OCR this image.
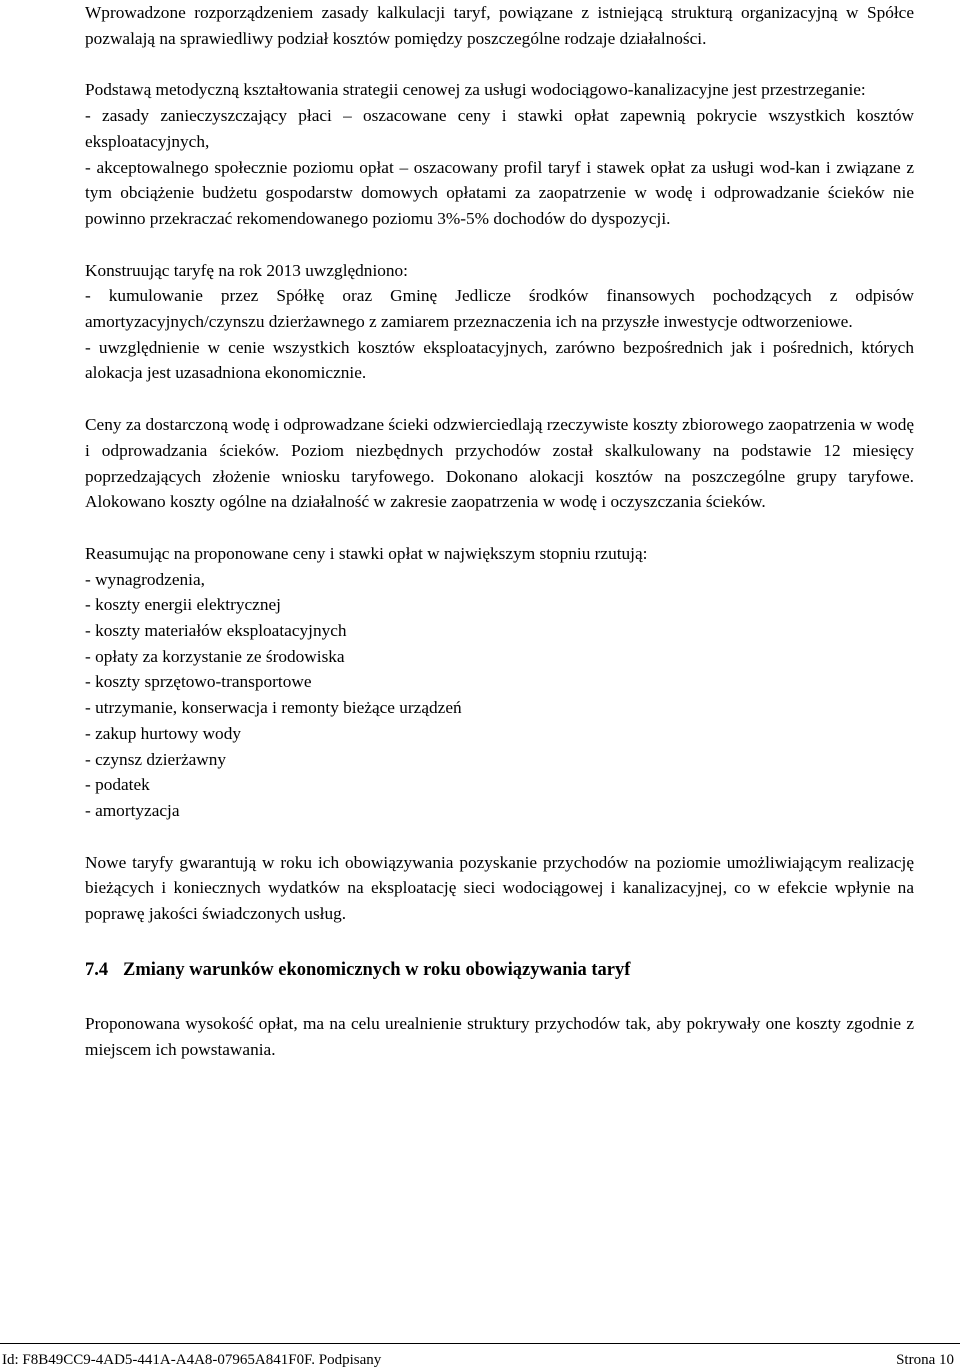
Wprowadzone rozporządzeniem zasady kalkulacji taryf, powiązane z istniejącą strukturą organizacyjną w Spółce pozwalają na sprawiedliwy podział kosztów pomiędzy poszczególne rodzaje działalności.

Podstawą metodyczną kształtowania strategii cenowej za usługi wodociągowo-kanalizacyjne jest przestrzeganie:

- zasady zanieczyszczający płaci – oszacowane ceny i stawki opłat zapewnią pokrycie wszystkich kosztów eksploatacyjnych,

- akceptowalnego społecznie poziomu opłat – oszacowany profil taryf i stawek opłat za usługi wod-kan i związane z tym obciążenie budżetu gospodarstw domowych opłatami za zaopatrzenie w wodę i odprowadzanie ścieków nie powinno przekraczać rekomendowanego poziomu 3%-5% dochodów do dyspozycji.

Konstruując taryfę na rok 2013 uwzględniono:

- kumulowanie przez Spółkę oraz Gminę Jedlicze środków finansowych pochodzących z odpisów amortyzacyjnych/czynszu dzierżawnego z zamiarem przeznaczenia ich na przyszłe inwestycje odtworzeniowe.

- uwzględnienie w cenie wszystkich kosztów eksploatacyjnych, zarówno bezpośrednich jak i pośrednich, których alokacja jest uzasadniona ekonomicznie.

Ceny za dostarczoną wodę i odprowadzane ścieki odzwierciedlają rzeczywiste koszty zbiorowego zaopatrzenia w wodę i odprowadzania ścieków. Poziom niezbędnych przychodów został skalkulowany na podstawie 12 miesięcy poprzedzających złożenie wniosku taryfowego. Dokonano alokacji kosztów na poszczególne grupy taryfowe. Alokowano koszty ogólne na działalność w zakresie zaopatrzenia w wodę i oczyszczania ścieków.

Reasumując na proponowane ceny i stawki opłat w największym stopniu rzutują:

- wynagrodzenia,

- koszty energii elektrycznej

- koszty materiałów eksploatacyjnych

- opłaty za korzystanie ze środowiska

- koszty sprzętowo-transportowe

- utrzymanie, konserwacja i remonty bieżące urządzeń

- zakup hurtowy wody

- czynsz dzierżawny

- podatek

- amortyzacja

Nowe taryfy gwarantują w roku ich obowiązywania pozyskanie przychodów na poziomie umożliwiającym realizację bieżących i koniecznych wydatków na eksploatację sieci wodociągowej i kanalizacyjnej, co w efekcie wpłynie na poprawę jakości świadczonych usług.

7.4 Zmiany warunków ekonomicznych w roku obowiązywania taryf

Proponowana wysokość opłat, ma na celu urealnienie struktury przychodów tak, aby pokrywały one koszty zgodnie z miejscem ich powstawania.

Id: F8B49CC9-4AD5-441A-A4A8-07965A841F0F. Podpisany	Strona 10
